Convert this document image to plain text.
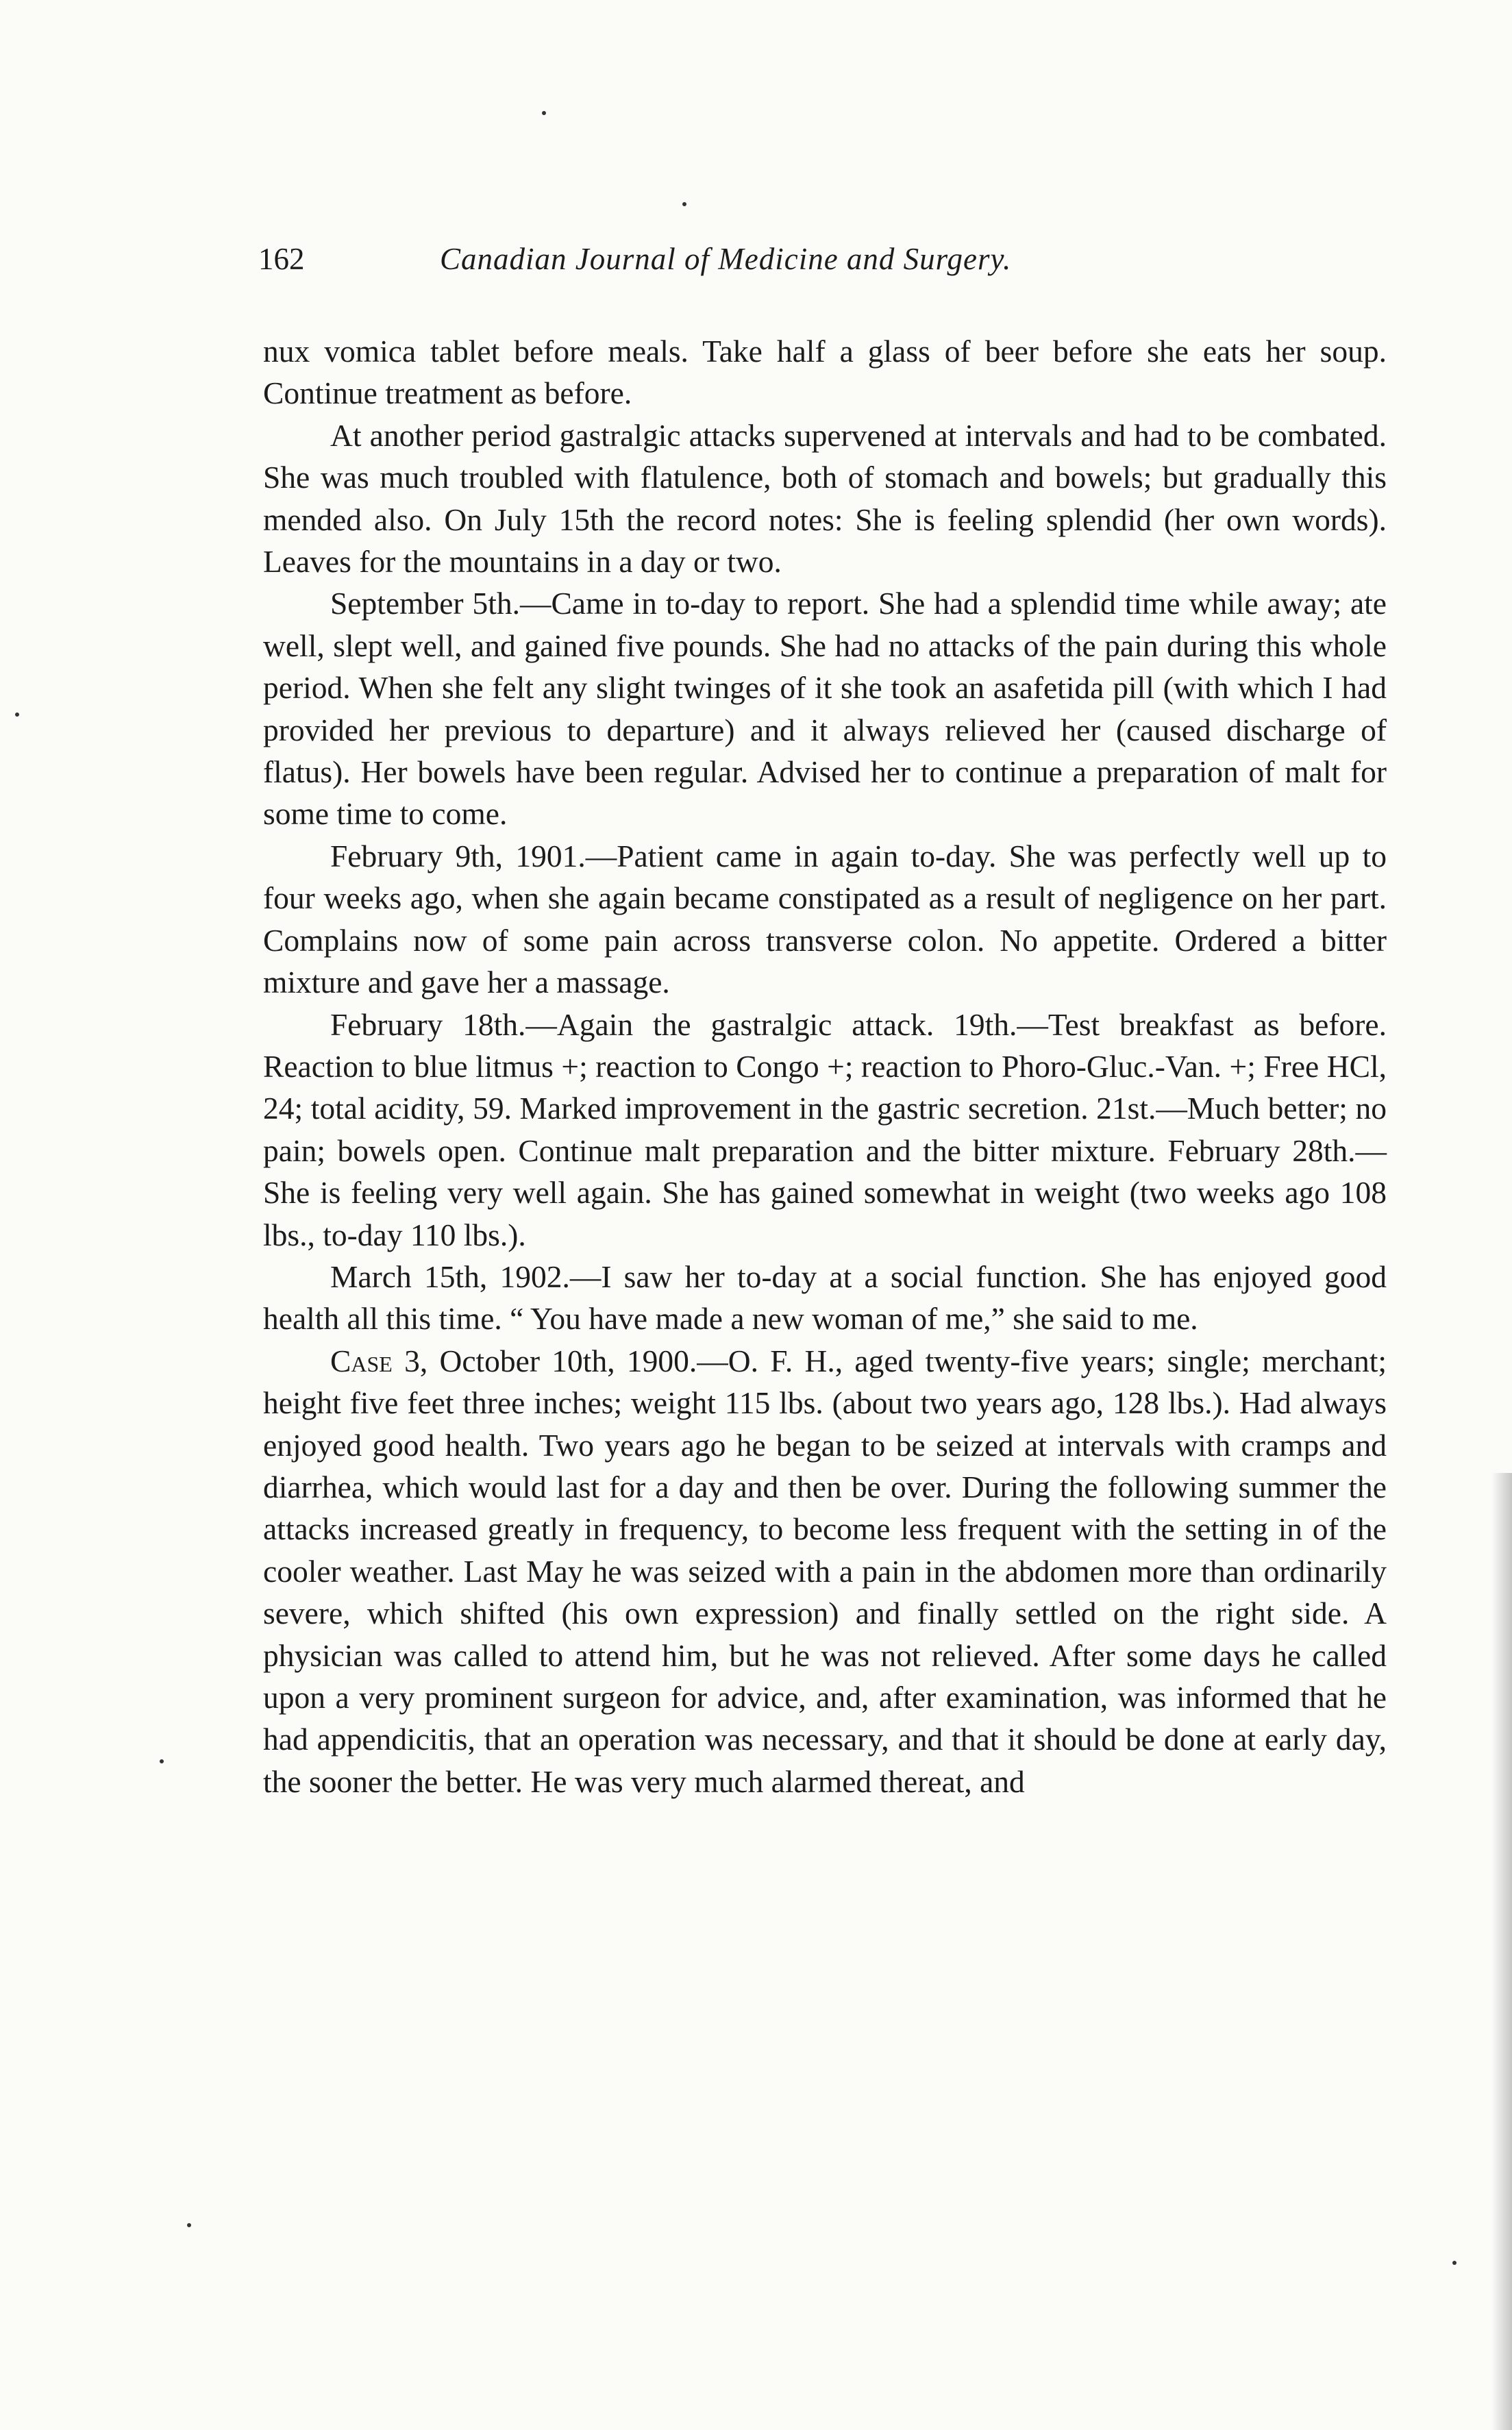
162	Canadian Journal of Medicine and Surgery.

nux vomica tablet before meals. Take half a glass of beer before she eats her soup. Continue treatment as before.

At another period gastralgic attacks supervened at intervals and had to be combated. She was much troubled with flatulence, both of stomach and bowels; but gradually this mended also. On July 15th the record notes: She is feeling splendid (her own words). Leaves for the mountains in a day or two.

September 5th.—Came in to-day to report. She had a splendid time while away; ate well, slept well, and gained five pounds. She had no attacks of the pain during this whole period. When she felt any slight twinges of it she took an asafetida pill (with which I had provided her previous to departure) and it always relieved her (caused discharge of flatus). Her bowels have been regular. Advised her to continue a preparation of malt for some time to come.

February 9th, 1901.—Patient came in again to-day. She was perfectly well up to four weeks ago, when she again became constipated as a result of negligence on her part. Complains now of some pain across transverse colon. No appetite. Ordered a bitter mixture and gave her a massage.

February 18th.—Again the gastralgic attack. 19th.—Test breakfast as before. Reaction to blue litmus +; reaction to Congo +; reaction to Phoro-Gluc.-Van. +; Free HCl, 24; total acidity, 59. Marked improvement in the gastric secretion. 21st.—Much better; no pain; bowels open. Continue malt preparation and the bitter mixture. February 28th.—She is feeling very well again. She has gained somewhat in weight (two weeks ago 108 lbs., to-day 110 lbs.).

March 15th, 1902.—I saw her to-day at a social function. She has enjoyed good health all this time. “ You have made a new woman of me,” she said to me.

Case 3, October 10th, 1900.—O. F. H., aged twenty-five years; single; merchant; height five feet three inches; weight 115 lbs. (about two years ago, 128 lbs.). Had always enjoyed good health. Two years ago he began to be seized at intervals with cramps and diarrhea, which would last for a day and then be over. During the following summer the attacks increased greatly in frequency, to become less frequent with the setting in of the cooler weather. Last May he was seized with a pain in the abdomen more than ordinarily severe, which shifted (his own expression) and finally settled on the right side. A physician was called to attend him, but he was not relieved. After some days he called upon a very prominent surgeon for advice, and, after examination, was informed that he had appendicitis, that an operation was necessary, and that it should be done at early day, the sooner the better. He was very much alarmed thereat, and
